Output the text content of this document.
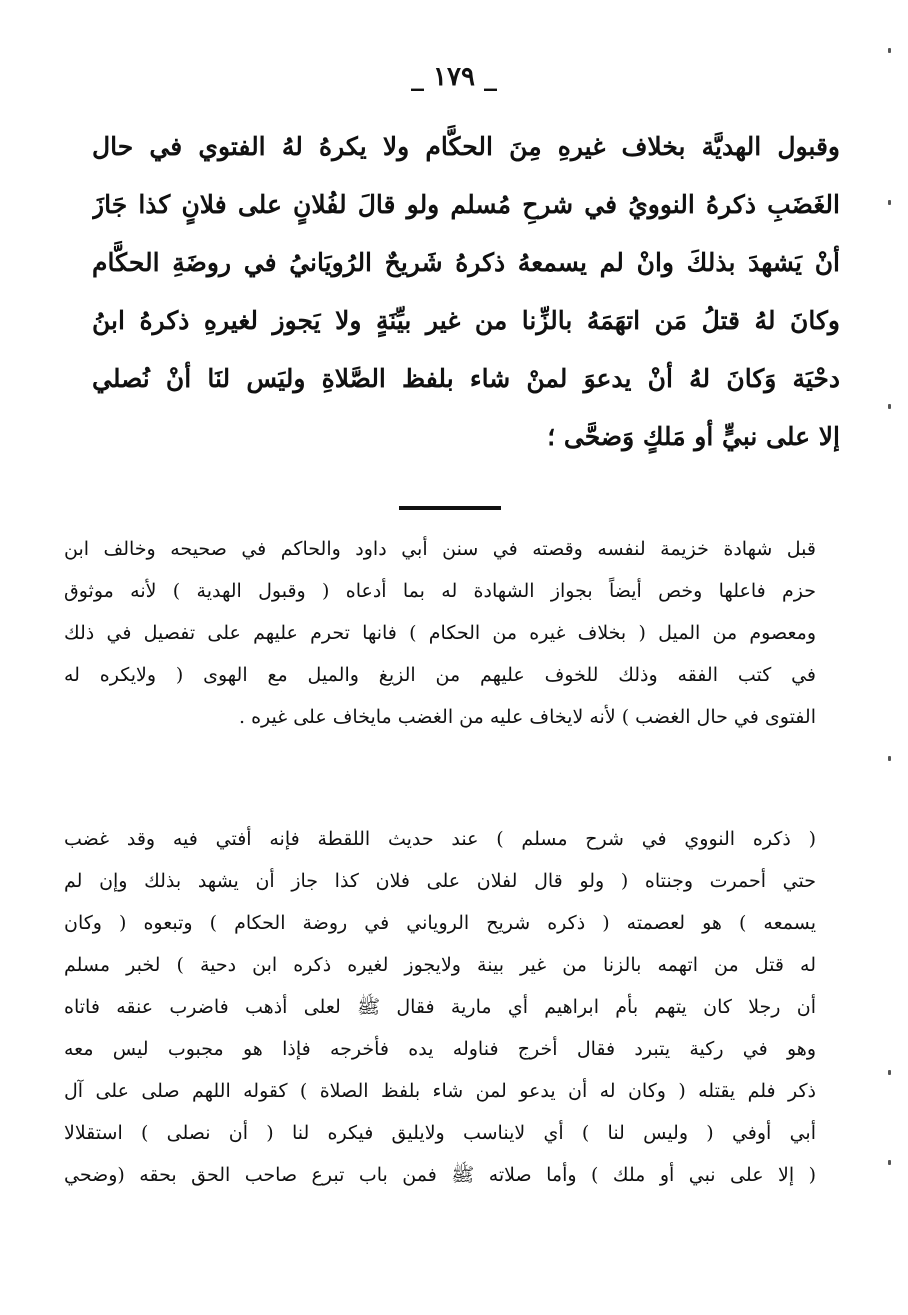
_ ١٧٩ _
وقبول الهديَّة بخلاف غيرهِ مِنَ الحكَّام ولا يكرهُ لهُ الفتوي في حال
الغَضَبِ ذكرهُ النوويُ في شرحِ مُسلم ولو قالَ لفُلانٍ على فلانٍ كذا جَازَ
أنْ يَشهدَ بذلكَ وانْ لم يسمعهُ ذكرهُ شَريحٌ الرُويَانيُ في روضَةِ الحكَّام
وكانَ لهُ قتلُ مَن اتهَمَهُ بالزِّنا من غير بيِّنَةٍ ولا يَجوز لغيرهِ ذكرهُ ابنُ
دحْيَة وَكانَ لهُ أنْ يدعوَ لمنْ شاء بلفظ الصَّلاةِ وليَس لنَا أنْ نُصلي
إلا على نبيٍّ أو مَلكٍ وَضحَّى ؛
قبل شهادة خزيمة لنفسه وقصته في سنن أبي داود والحاكم في صحيحه وخالف ابن
حزم فاعلها وخص أيضاً بجواز الشهادة له بما أدعاه ( وقبول الهدية ) لأنه موثوق
ومعصوم من الميل ( بخلاف غيره من الحكام ) فانها تحرم عليهم على تفصيل في ذلك
في كتب الفقه وذلك للخوف عليهم من الزيغ والميل مع الهوى ( ولايكره له
الفتوى في حال الغضب ) لأنه لايخاف عليه من الغضب مايخاف على غيره .
( ذكره النووي في شرح مسلم ) عند حديث اللقطة فإنه أفتي فيه وقد غضب
حتي أحمرت وجنتاه ( ولو قال لفلان على فلان كذا جاز أن يشهد بذلك وإن لم
يسمعه ) هو لعصمته ( ذكره شريح الروياني في روضة الحكام ) وتبعوه ( وكان
له قتل من اتهمه بالزنا من غير بينة ولايجوز لغيره ذكره ابن دحية ) لخبر مسلم
أن رجلا كان يتهم بأم ابراهيم أي مارية فقال ﷺ لعلى أذهب فاضرب عنقه فاتاه
وهو في ركية يتبرد فقال أخرج فناوله يده فأخرجه فإذا هو مجبوب ليس معه
ذكر فلم يقتله ( وكان له أن يدعو لمن شاء بلفظ الصلاة ) كقوله اللهم صلى على آل
أبي أوفي ( وليس لنا ) أي لايناسب ولايليق فيكره لنا ( أن نصلى ) استقلالا
( إلا على نبي أو ملك ) وأما صلاته ﷺ فمن باب تبرع صاحب الحق بحقه (وضحي
